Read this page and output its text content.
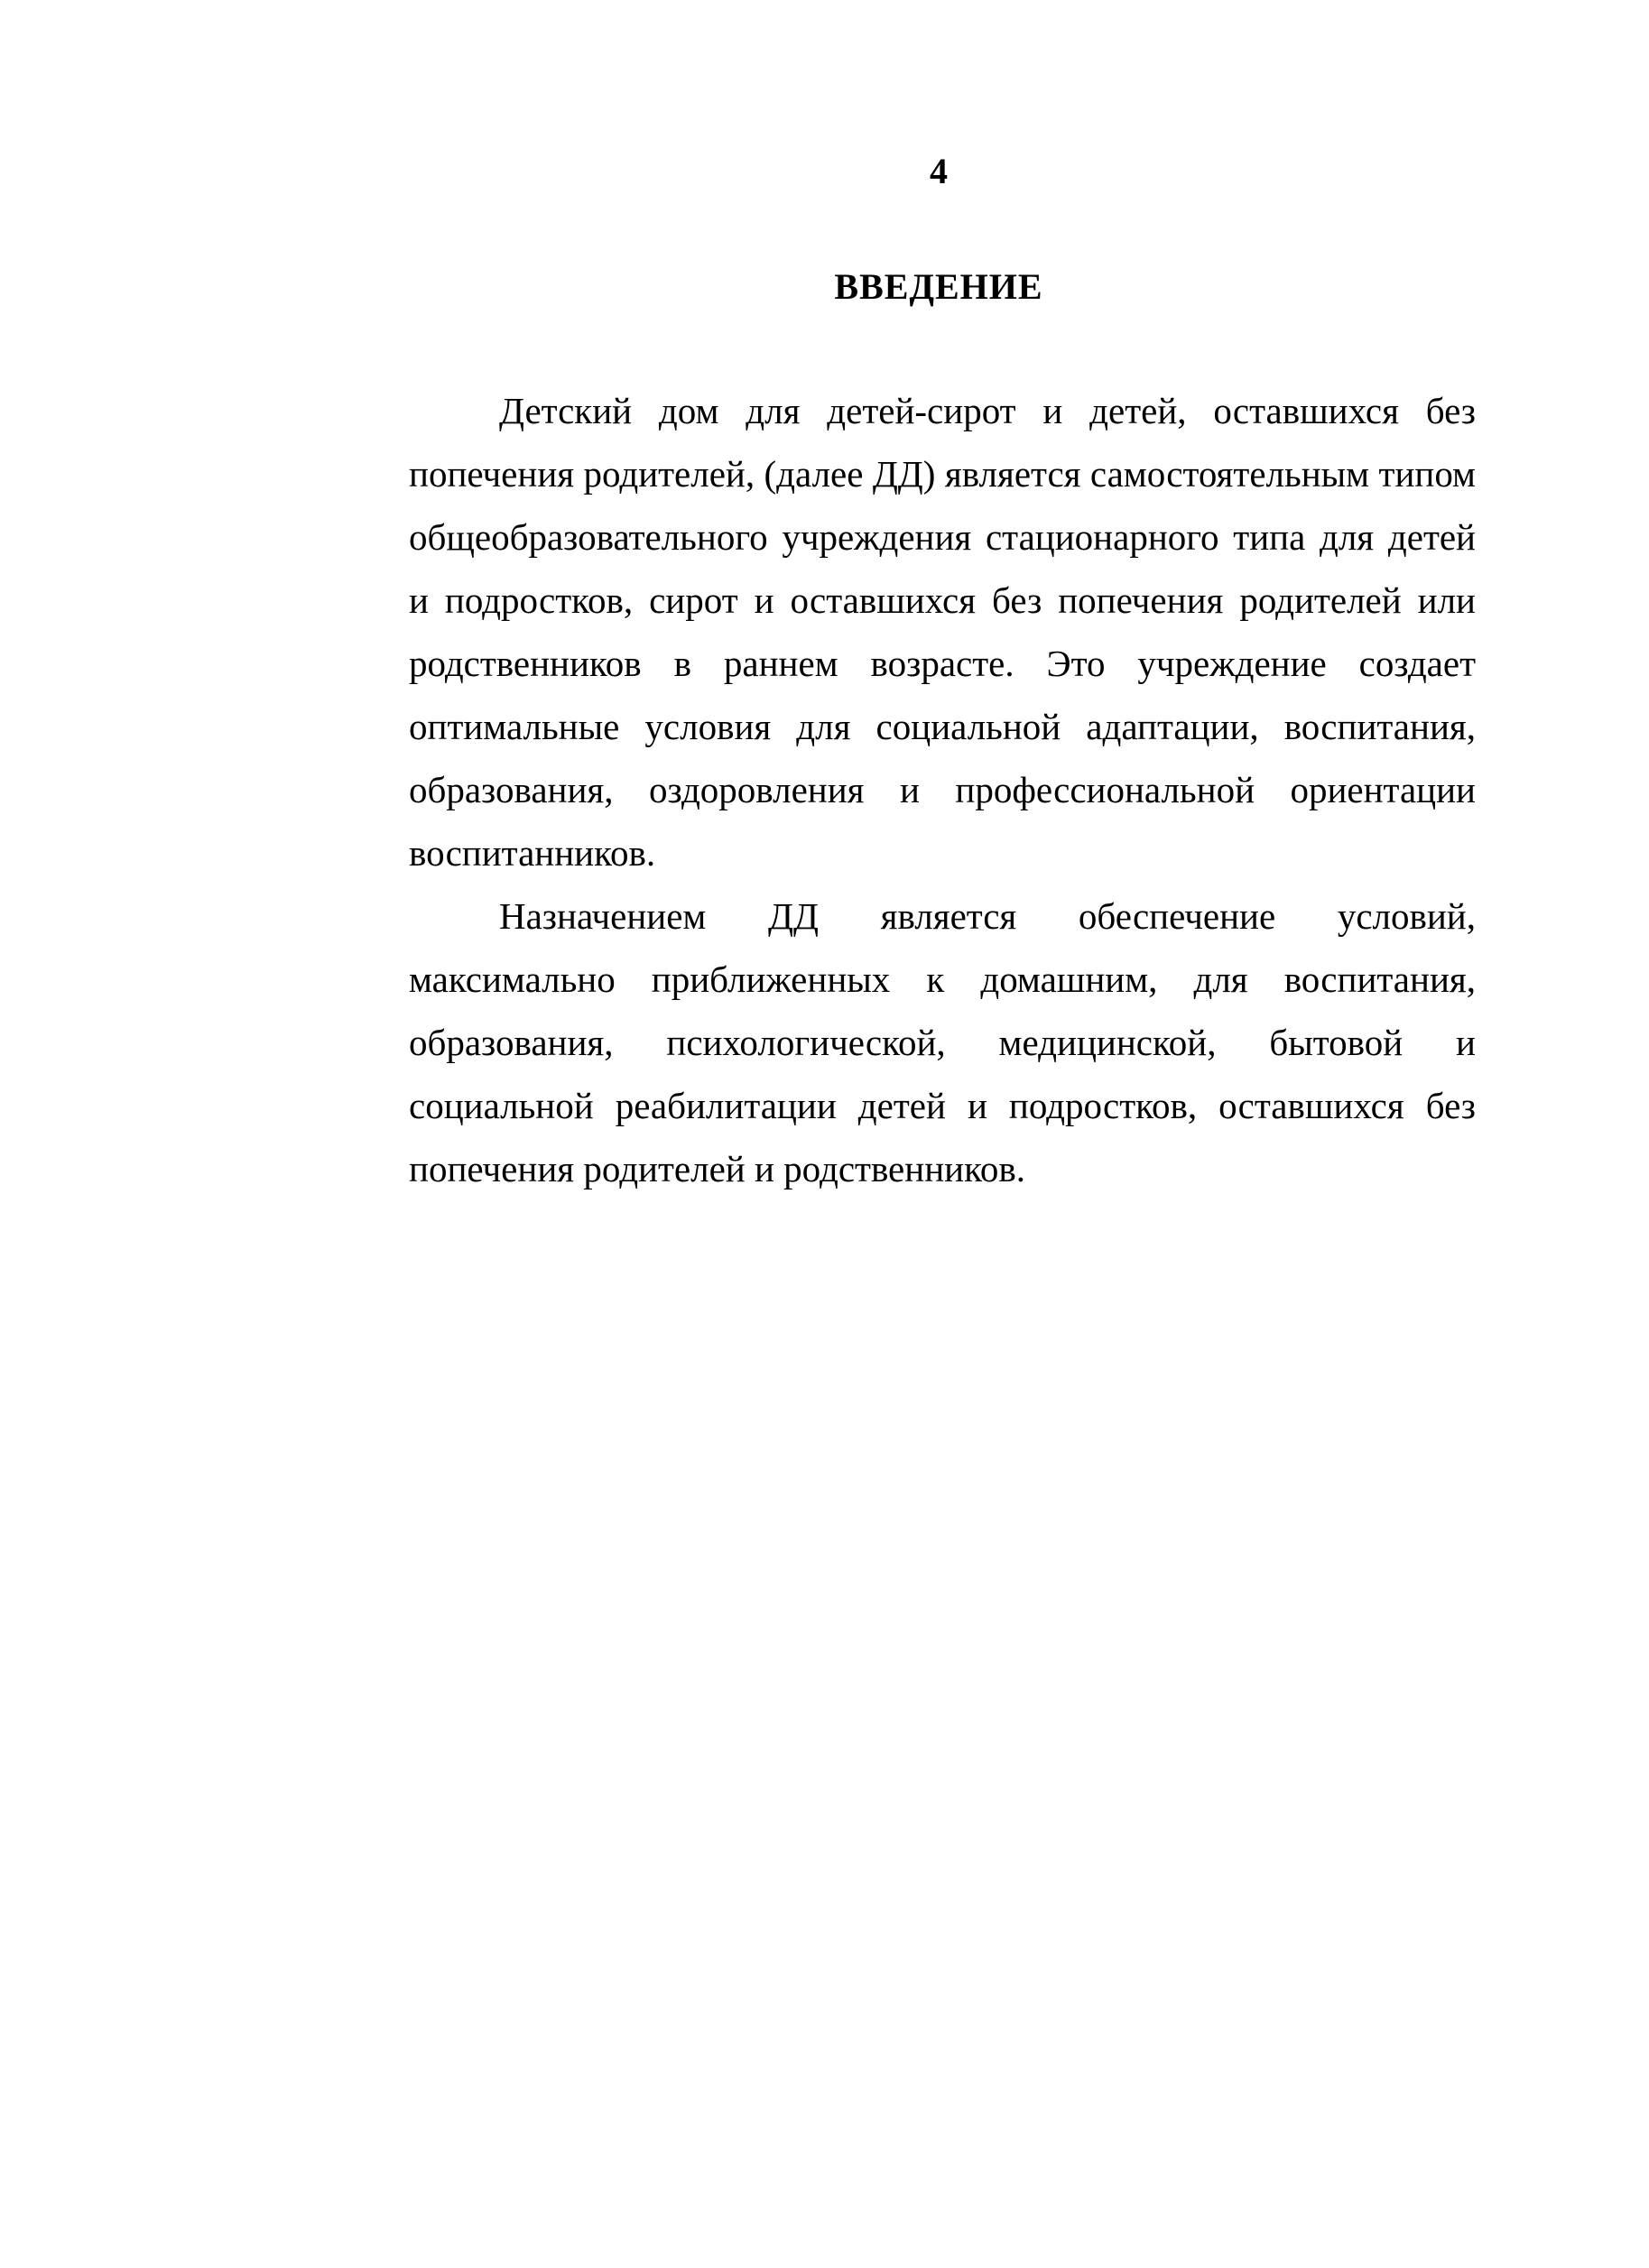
4
ВВЕДЕНИЕ

Детский дом для детей-сирот и детей, оставшихся без попечения родителей, (далее ДД) является самостоятельным типом общеобразовательного учреждения стационарного типа для детей и подростков, сирот и оставшихся без попечения родителей или родственников в раннем возрасте. Это учреждение создает оптимальные условия для социальной адаптации, воспитания, образования, оздоровления и профессиональной ориентации воспитанников.

Назначением ДД является обеспечение условий, максимально приближенных к домашним, для воспитания, образования, психологической, медицинской, бытовой и социальной реабилитации детей и подростков, оставшихся без попечения родителей и родственников.
